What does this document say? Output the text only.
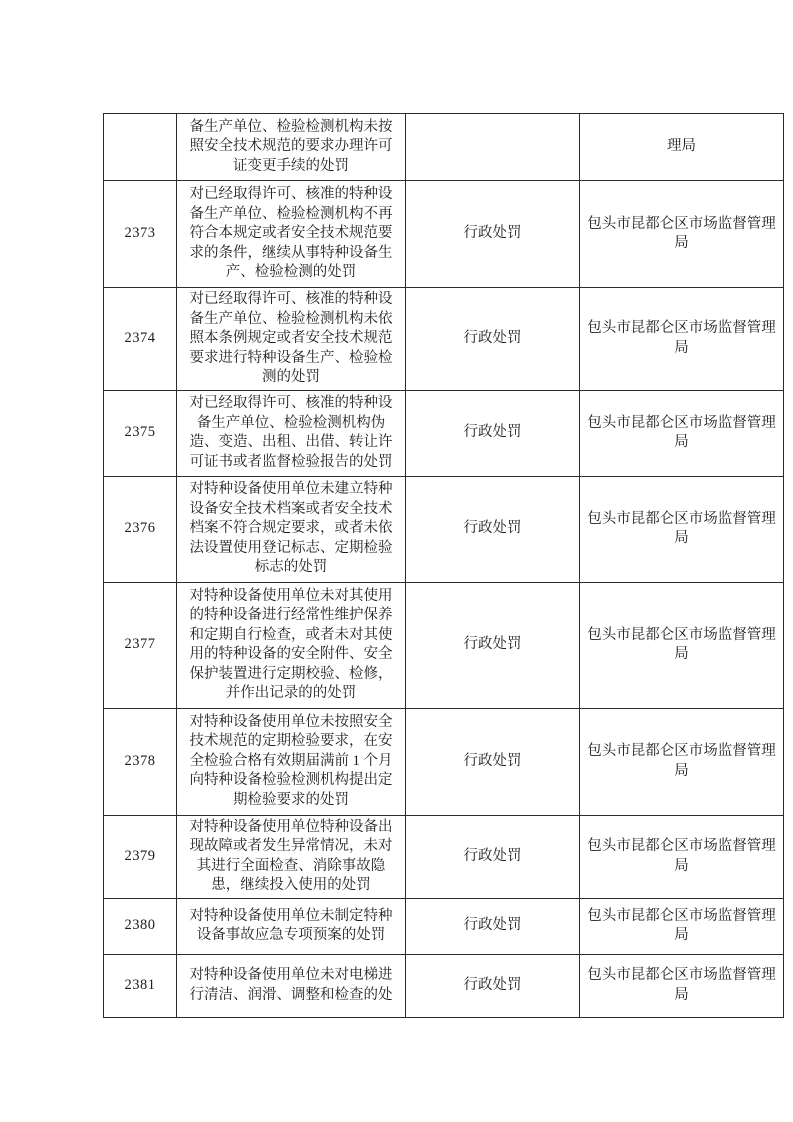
	备生产单位、检验检测机构未按照安全技术规范的要求办理许可证变更手续的处罚		理局
2373	对已经取得许可、核准的特种设备生产单位、检验检测机构不再符合本规定或者安全技术规范要求的条件，继续从事特种设备生产、检验检测的处罚	行政处罚	包头市昆都仑区市场监督管理局
2374	对已经取得许可、核准的特种设备生产单位、检验检测机构未依照本条例规定或者安全技术规范要求进行特种设备生产、检验检测的处罚	行政处罚	包头市昆都仑区市场监督管理局
2375	对已经取得许可、核准的特种设备生产单位、检验检测机构伪造、变造、出租、出借、转让许可证书或者监督检验报告的处罚	行政处罚	包头市昆都仑区市场监督管理局
2376	对特种设备使用单位未建立特种设备安全技术档案或者安全技术档案不符合规定要求，或者未依法设置使用登记标志、定期检验标志的处罚	行政处罚	包头市昆都仑区市场监督管理局
2377	对特种设备使用单位未对其使用的特种设备进行经常性维护保养和定期自行检查，或者未对其使用的特种设备的安全附件、安全保护装置进行定期校验、检修，并作出记录的的处罚	行政处罚	包头市昆都仑区市场监督管理局
2378	对特种设备使用单位未按照安全技术规范的定期检验要求，在安全检验合格有效期届满前 1 个月向特种设备检验检测机构提出定期检验要求的处罚	行政处罚	包头市昆都仑区市场监督管理局
2379	对特种设备使用单位特种设备出现故障或者发生异常情况，未对其进行全面检查、消除事故隐患，继续投入使用的处罚	行政处罚	包头市昆都仑区市场监督管理局
2380	对特种设备使用单位未制定特种设备事故应急专项预案的处罚	行政处罚	包头市昆都仑区市场监督管理局
2381	对特种设备使用单位未对电梯进行清洁、润滑、调整和检查的处	行政处罚	包头市昆都仑区市场监督管理局
